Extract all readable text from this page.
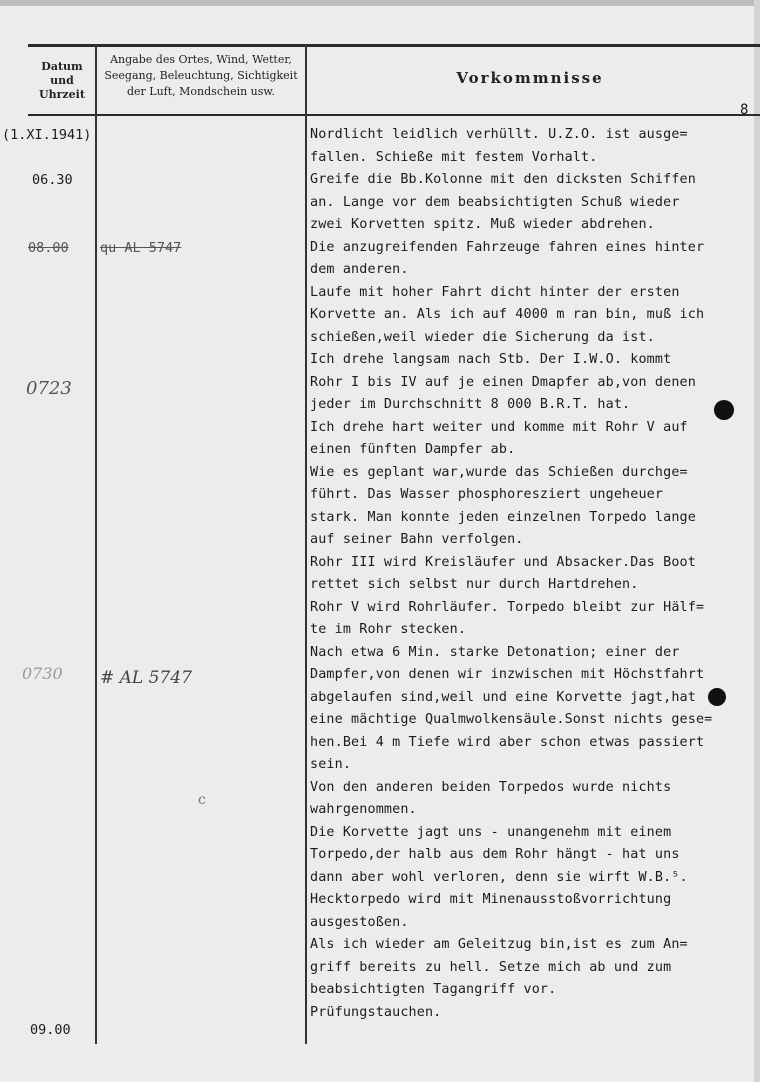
Datum und Uhrzeit
Angabe des Ortes, Wind, Wetter, Seegang, Beleuchtung, Sichtigkeit der Luft, Mondschein usw.
Vorkommnisse
8
(1.XI.1941)
06.30
08.00
0723
0730
09.00
qu AL 5747
# AL 5747
c
Nordlicht leidlich verhüllt. U.Z.O. ist ausge=
fallen. Schieße mit festem Vorhalt.
Greife die Bb.Kolonne mit den dicksten Schiffen
an. Lange vor dem beabsichtigten Schuß wieder
zwei Korvetten spitz. Muß wieder abdrehen.
Die anzugreifenden Fahrzeuge fahren eines hinter
dem anderen.
Laufe mit hoher Fahrt dicht hinter der ersten
Korvette an. Als ich auf 4000 m ran bin, muß ich
schießen,weil wieder die Sicherung da ist.
Ich drehe langsam nach Stb. Der I.W.O. kommt
Rohr I bis IV auf je einen Dmapfer ab,von denen
jeder im Durchschnitt 8 000 B.R.T. hat.
Ich drehe hart weiter und komme mit Rohr V auf
einen fünften Dampfer ab.
Wie es geplant war,wurde das Schießen durchge=
führt. Das Wasser phosphoresziert ungeheuer
stark. Man konnte jeden einzelnen Torpedo lange
auf seiner Bahn verfolgen.
Rohr III wird Kreisläufer und Absacker.Das Boot
rettet sich selbst nur durch Hartdrehen.
Rohr V wird Rohrläufer. Torpedo bleibt zur Hälf=
te im Rohr stecken.
Nach etwa 6 Min. starke Detonation; einer der
Dampfer,von denen wir inzwischen mit Höchstfahrt
abgelaufen sind,weil und eine Korvette jagt,hat
eine mächtige Qualmwolkensäule.Sonst nichts gese=
hen.Bei 4 m Tiefe wird aber schon etwas passiert
sein.
Von den anderen beiden Torpedos wurde nichts
wahrgenommen.
Die Korvette jagt uns - unangenehm mit einem
Torpedo,der halb aus dem Rohr hängt - hat uns
dann aber wohl verloren, denn sie wirft W.B.⁵.
Hecktorpedo wird mit Minenausstoßvorrichtung
ausgestoßen.
Als ich wieder am Geleitzug bin,ist es zum An=
griff bereits zu hell. Setze mich ab und zum
beabsichtigten Tagangriff vor.
Prüfungstauchen.
